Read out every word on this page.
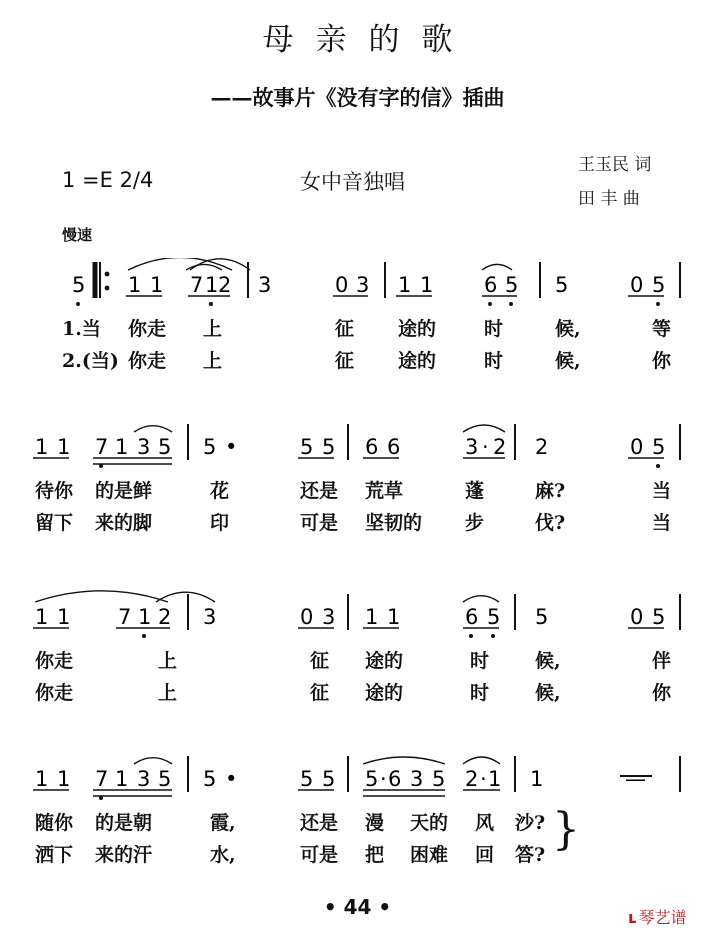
母亲的歌
——故事片《没有字的信》插曲
1 =E 2/4	女中音独唱
王玉民 词
田 丰 曲
慢速
5 1 1 7 1 2 3	0 3 1 1 6 5 5	0 5
1 1 7 1 3 5 5 •	5 5 6 6	3 · 2 2	0 5
1 1 7 1 2 3	0 3 1 1	6 5 5	0 5
1 1 7 1 3 5 5 •	5 5 5 · 6 3 5 2 · 1 1	—
• 44 •	ʟ 琴艺谱
1.当 你走 上	征 途的	时	候,	等
2.(当) 你走 上	征 途的	时	候,	你
待你 的是鲜	花	还是 荒草	蓬	麻?	当
留下 来的脚	印	可是 坚韧的 步	伐?	当
你走	上	征 途的	时 候,	伴
你走	上	征 途的	时 候,	你
随你 的是朝	霞,	还是 漫 天的 风 沙?
洒下 来的汗	水,	可是 把 困难 回 答? }
